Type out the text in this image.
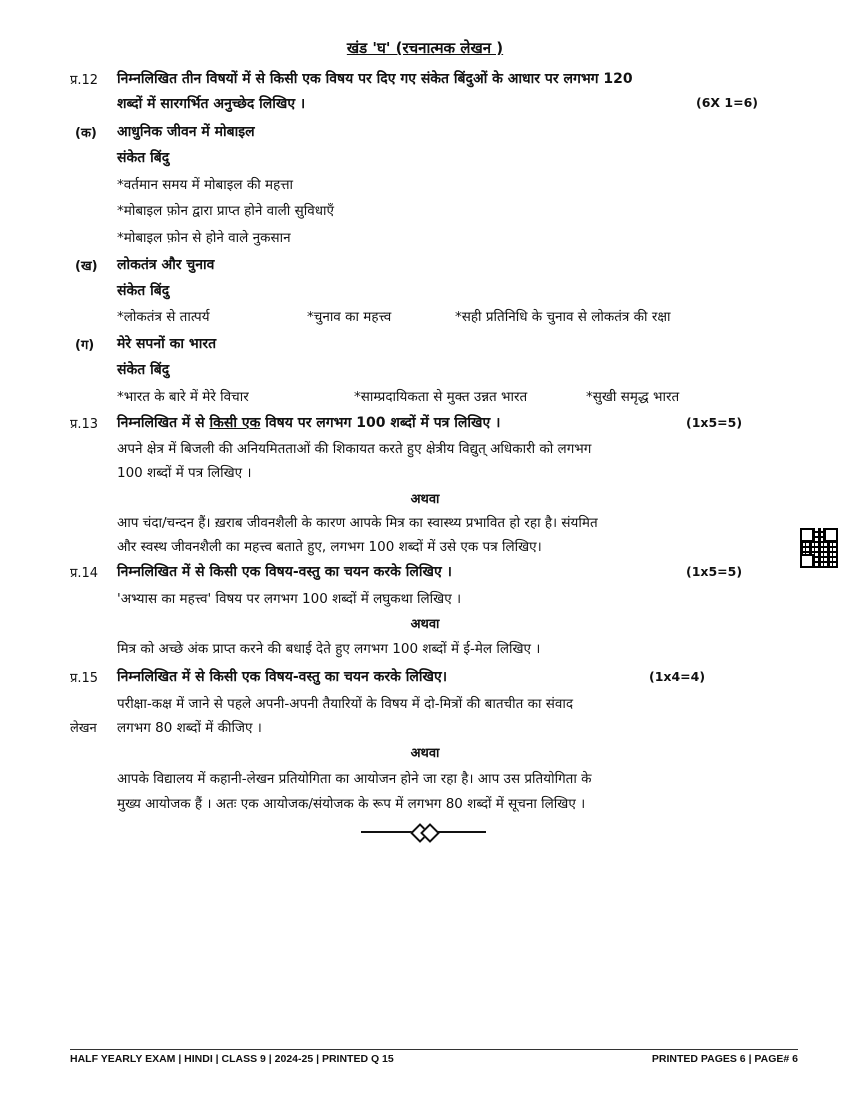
खंड 'घ' (रचनात्मक लेखन )
प्र.12 निम्नलिखित तीन विषयों में से किसी एक विषय पर दिए गए संकेत बिंदुओं के आधार पर लगभग 120
शब्दों में सारगर्भित अनुच्छेद लिखिए ।	(6X 1=6)
(क) आधुनिक जीवन में मोबाइल
संकेत बिंदु
*वर्तमान समय में मोबाइल की महत्ता
*मोबाइल फ़ोन द्वारा प्राप्त होने वाली सुविधाएँ
*मोबाइल फ़ोन से होने वाले नुकसान
(ख) लोकतंत्र और चुनाव
संकेत बिंदु
*लोकतंत्र से तात्पर्य	*चुनाव का महत्त्व	*सही प्रतिनिधि के चुनाव से लोकतंत्र की रक्षा
(ग) मेरे सपनों का भारत
संकेत बिंदु
*भारत के बारे में मेरे विचार	*साम्प्रदायिकता से मुक्त उन्नत भारत	*सुखी समृद्ध भारत
प्र.13 निम्नलिखित में से किसी एक विषय पर लगभग 100 शब्दों में पत्र लिखिए ।	(1x5=5)
अपने क्षेत्र में बिजली की अनियमितताओं की शिकायत करते हुए क्षेत्रीय विद्युत् अधिकारी को लगभग
100 शब्दों में पत्र लिखिए ।
अथवा
आप चंदा/चन्दन हैं। ख़राब जीवनशैली के कारण आपके मित्र का स्वास्थ्य प्रभावित हो रहा है। संयमित
और स्वस्थ जीवनशैली का महत्त्व बताते हुए, लगभग 100 शब्दों में उसे एक पत्र लिखिए।
प्र.14 निम्नलिखित में से किसी एक विषय-वस्तु का चयन करके लिखिए ।	(1x5=5)
'अभ्यास का महत्त्व' विषय पर लगभग 100 शब्दों में लघुकथा लिखिए ।
अथवा
मित्र को अच्छे अंक प्राप्त करने की बधाई देते हुए लगभग 100 शब्दों में ई-मेल लिखिए ।
प्र.15 निम्नलिखित में से किसी एक विषय-वस्तु का चयन करके लिखिए।	(1x4=4)
परीक्षा-कक्ष में जाने से पहले अपनी-अपनी तैयारियों के विषय में दो-मित्रों की बातचीत का संवाद
लेखन लगभग 80 शब्दों में कीजिए ।
अथवा
आपके विद्यालय में कहानी-लेखन प्रतियोगिता का आयोजन होने जा रहा है। आप उस प्रतियोगिता के
मुख्य आयोजक हैं । अतः एक आयोजक/संयोजक के रूप में लगभग 80 शब्दों में सूचना लिखिए ।
HALF YEARLY EXAM | HINDI | CLASS 9 | 2024-25 | PRINTED Q 15	PRINTED PAGES 6 | PAGE# 6
